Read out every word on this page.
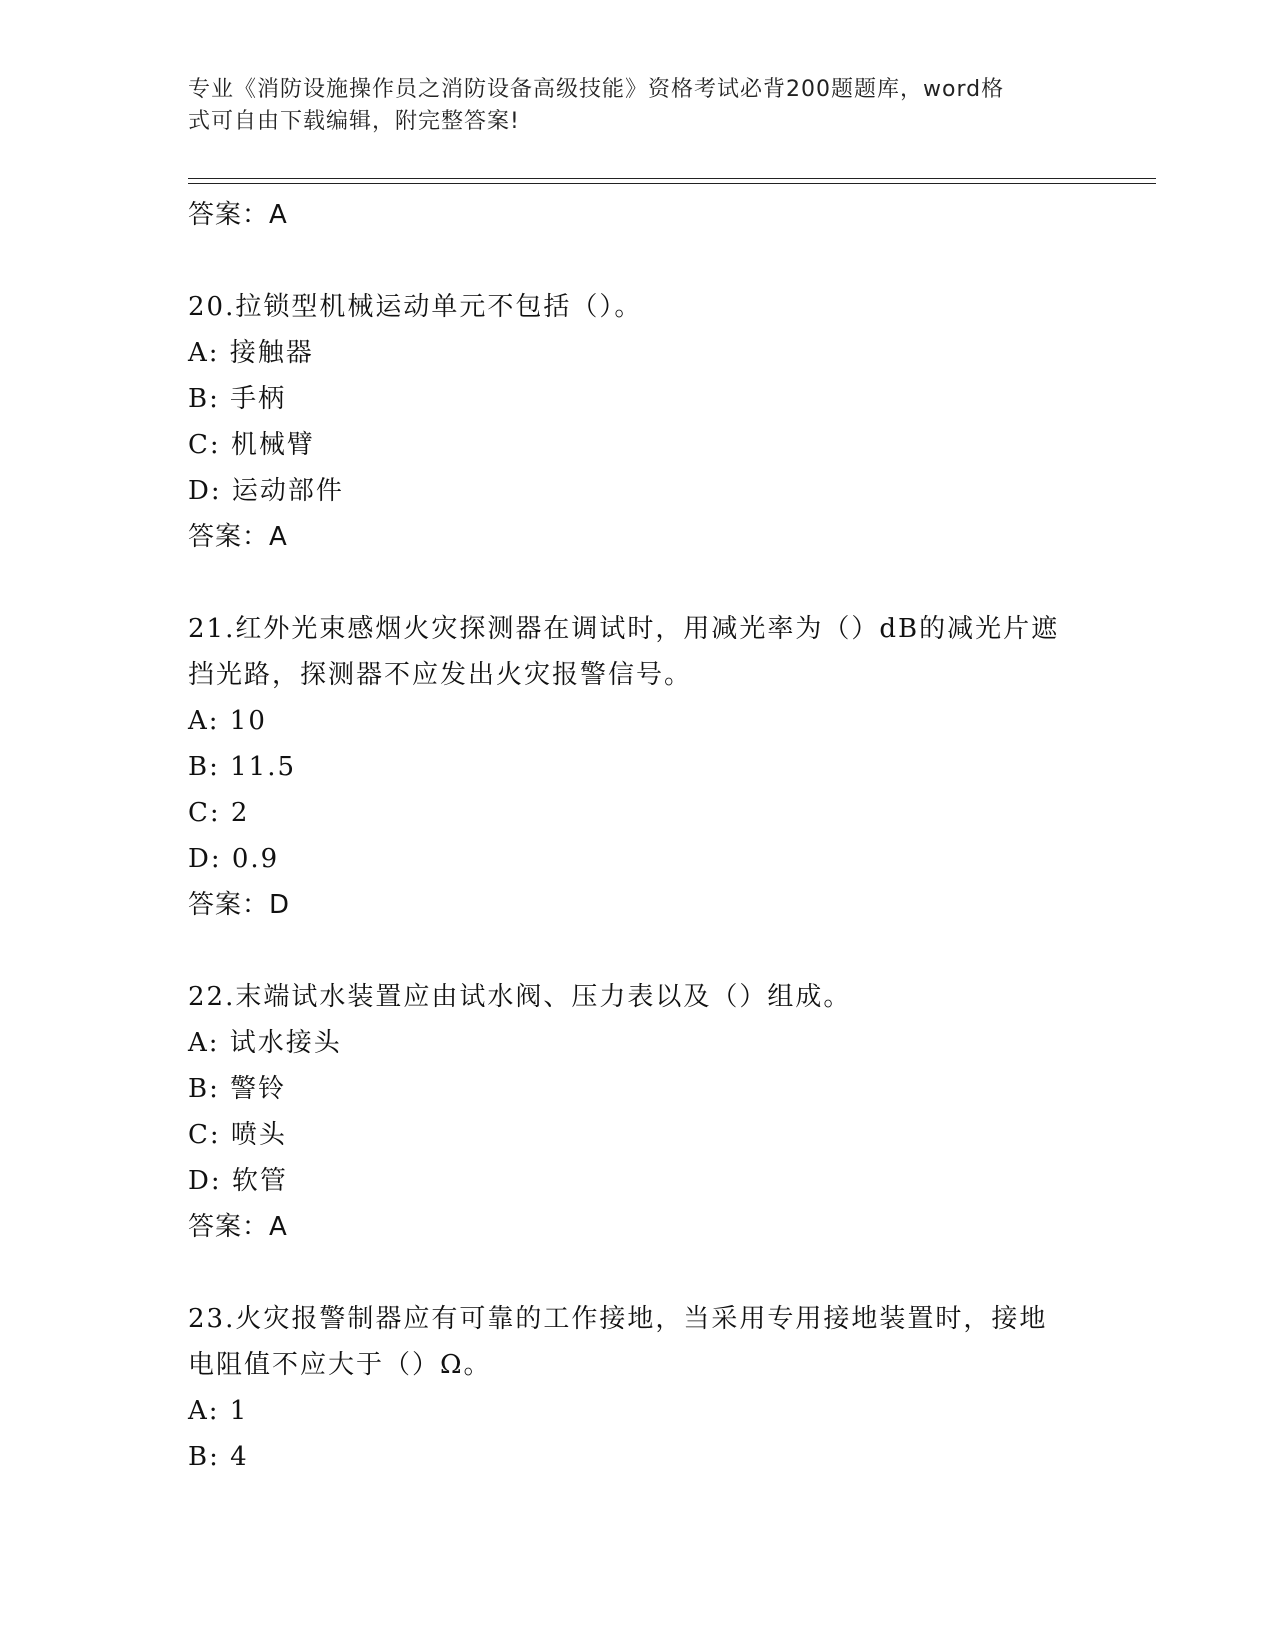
专业《消防设施操作员之消防设备高级技能》资格考试必背200题题库，word格
式可自由下载编辑，附完整答案!
答案：A
20.拉锁型机械运动单元不包括（）。
A: 接触器
B: 手柄
C: 机械臂
D: 运动部件
答案：A
21.红外光束感烟火灾探测器在调试时，用减光率为（）dB的减光片遮
挡光路，探测器不应发出火灾报警信号。
A: 10
B: 11.5
C: 2
D: 0.9
答案：D
22.末端试水装置应由试水阀、压力表以及（）组成。
A: 试水接头
B: 警铃
C: 喷头
D: 软管
答案：A
23.火灾报警制器应有可靠的工作接地，当采用专用接地装置时，接地
电阻值不应大于（）Ω。
A: 1
B: 4
